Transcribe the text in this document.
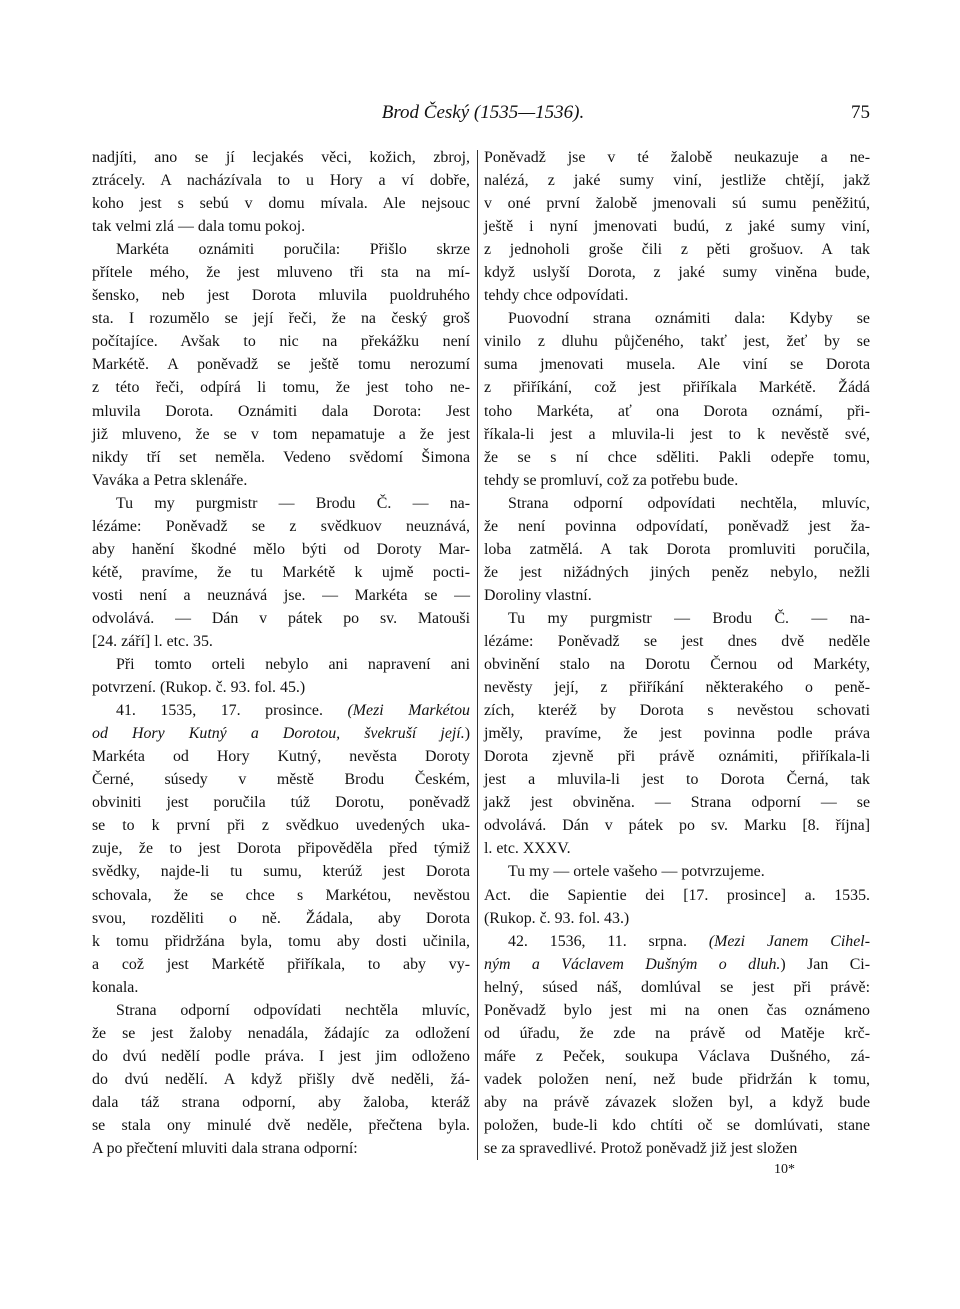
Brod Český (1535—1536).	75
nadjíti, ano se jí lecjakés věci, kožich, zbroj,
ztrácely. A nacházívala to u Hory a ví dobře,
koho jest s sebú v domu mívala. Ale nejsouc
tak velmi zlá — dala tomu pokoj.
Markéta oznámiti poručila: Přišlo skrze
přítele mého, že jest mluveno tři sta na mí-
šensko, neb jest Dorota mluvila puoldruhého
sta. I rozumělo se její řeči, že na český groš
počítajíce. Avšak to nic na překážku není
Markétě. A poněvadž se ještě tomu nerozumí
z této řeči, odpírá li tomu, že jest toho ne-
mluvila Dorota. Oznámiti dala Dorota: Jest
již mluveno, že se v tom nepamatuje a že jest
nikdy tří set neměla. Vedeno svědomí Šimona
Vaváka a Petra sklenáře.
Tu my purgmistr — Brodu Č. — na-
lézáme: Poněvadž se z svědkuov neuznává,
aby hanění škodné mělo býti od Doroty Mar-
kétě, pravíme, že tu Markétě k ujmě pocti-
vosti není a neuznává jse. — Markéta se —
odvolává. — Dán v pátek po sv. Matouši
[24. září] l. etc. 35.
Při tomto orteli nebylo ani napravení ani
potvrzení. (Rukop. č. 93. fol. 45.)
41. 1535, 17. prosince. (Mezi Markétou
od Hory Kutný a Dorotou, švekruší její.)
Markéta od Hory Kutný, nevěsta Doroty
Černé, súsedy v městě Brodu Českém,
obviniti jest poručila túž Dorotu, poněvadž
se to k první při z svědkuo uvedených uka-
zuje, že to jest Dorota připověděla před týmiž
svědky, najde-li tu sumu, kterúž jest Dorota
schovala, že se chce s Markétou, nevěstou
svou, rozděliti o ně. Žádala, aby Dorota
k tomu přidržána byla, tomu aby dosti učinila,
a což jest Markétě přiříkala, to aby vy-
konala.
Strana odporní odpovídati nechtěla mluvíc,
že se jest žaloby nenadála, žádajíc za odložení
do dvú nedělí podle práva. I jest jim odloženo
do dvú nedělí. A když přišly dvě neděli, žá-
dala táž strana odporní, aby žaloba, kteráž
se stala ony minulé dvě neděle, přečtena byla.
A po přečtení mluviti dala strana odporní:
Poněvadž jse v té žalobě neukazuje a ne-
nalézá, z jaké sumy viní, jestliže chtějí, jakž
v oné první žalobě jmenovali sú sumu peněžitú,
ještě i nyní jmenovati budú, z jaké sumy viní,
z jednoholi groše čili z pěti grošuov. A tak
když uslyší Dorota, z jaké sumy viněna bude,
tehdy chce odpovídati.
Puovodní strana oznámiti dala: Kdyby se
vinilo z dluhu půjčeného, takť jest, žeť by se
suma jmenovati musela. Ale viní se Dorota
z přiříkání, což jest přiříkala Markétě. Žádá
toho Markéta, ať ona Dorota oznámí, při-
říkala-li jest a mluvila-li jest to k nevěstě své,
že se s ní chce sděliti. Pakli odepře tomu,
tehdy se promluví, což za potřebu bude.
Strana odporní odpovídati nechtěla, mluvíc,
že není povinna odpovídatí, poněvadž jest ža-
loba zatmělá. A tak Dorota promluviti poručila,
že jest nižádných jiných peněz nebylo, nežli
Doroliny vlastní.
Tu my purgmistr — Brodu Č. — na-
lézáme: Poněvadž se jest dnes dvě neděle
obvinění stalo na Dorotu Černou od Markéty,
nevěsty její, z přiříkání některakého o peně-
zích, kteréž by Dorota s nevěstou schovati
jměly, pravíme, že jest povinna podle práva
Dorota zjevně při právě oznámiti, přiříkala-li
jest a mluvila-li jest to Dorota Černá, tak
jakž jest obviněna. — Strana odporní — se
odvolává. Dán v pátek po sv. Marku [8. října]
l. etc. XXXV.
Tu my — ortele vašeho — potvrzujeme.
Act. die Sapientie dei [17. prosince] a. 1535.
(Rukop. č. 93. fol. 43.)
42. 1536, 11. srpna. (Mezi Janem Cihel-
ným a Václavem Dušným o dluh.) Jan Ci-
helný, súsed náš, domlúval se jest při právě:
Poněvadž bylo jest mi na onen čas oznámeno
od úřadu, že zde na právě od Matěje krč-
máře z Peček, soukupa Václava Dušného, zá-
vadek položen není, než bude přidržán k tomu,
aby na právě závazek složen byl, a když bude
položen, bude-li kdo chtíti oč se domlúvati, stane
se za spravedlivé. Protož poněvadž již jest složen
10*
